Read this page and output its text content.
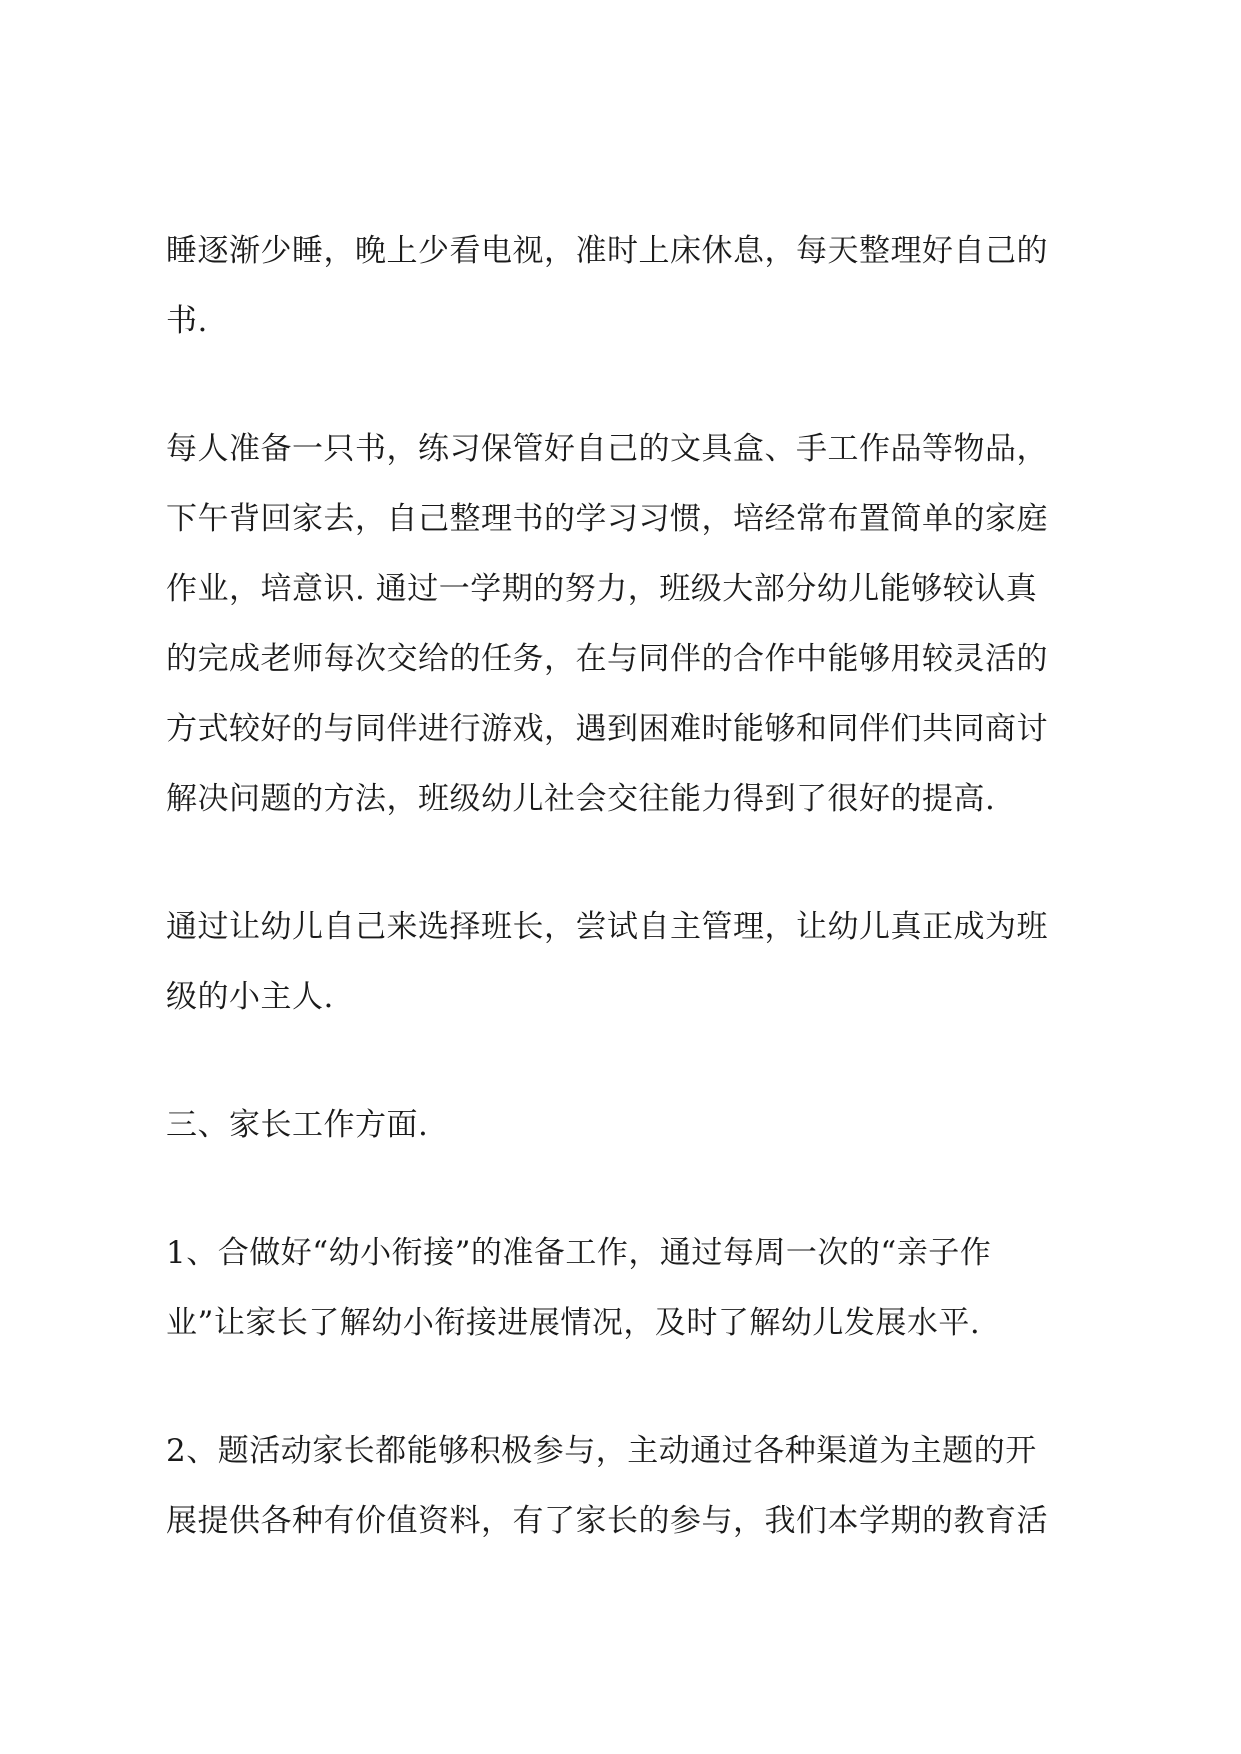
睡逐渐少睡，晚上少看电视，准时上床休息，每天整理好自己的
书.

每人准备一只书，练习保管好自己的文具盒、手工作品等物品，
下午背回家去，自己整理书的学习习惯，培经常布置简单的家庭
作业，培意识. 通过一学期的努力，班级大部分幼儿能够较认真
的完成老师每次交给的任务，在与同伴的合作中能够用较灵活的
方式较好的与同伴进行游戏，遇到困难时能够和同伴们共同商讨
解决问题的方法，班级幼儿社会交往能力得到了很好的提高.

通过让幼儿自己来选择班长，尝试自主管理，让幼儿真正成为班
级的小主人.

三、家长工作方面.

1、合做好“幼小衔接”的准备工作，通过每周一次的“亲子作
业”让家长了解幼小衔接进展情况，及时了解幼儿发展水平.

2、题活动家长都能够积极参与，主动通过各种渠道为主题的开
展提供各种有价值资料，有了家长的参与，我们本学期的教育活
